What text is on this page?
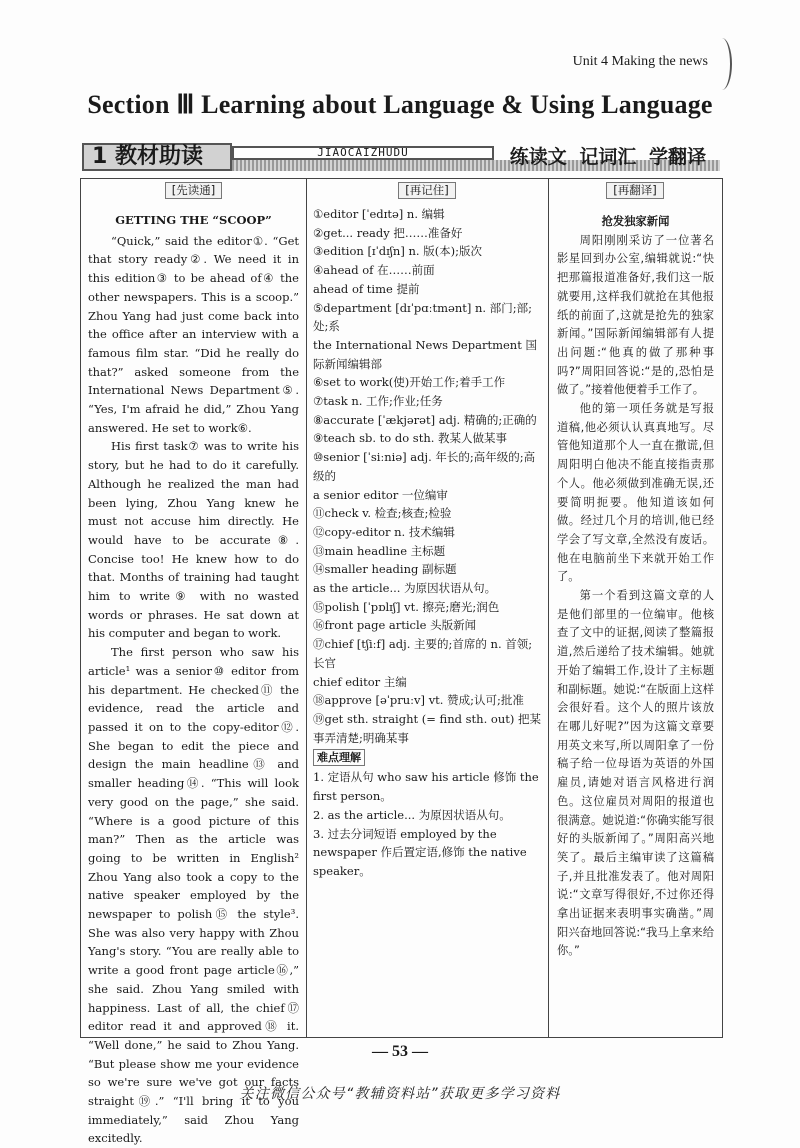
Unit 4 Making the news
Section Ⅲ Learning about Language & Using Language
1 教材助读	JIAOCAIZHUDU	练读文 记词汇 学翻译
[先读通]
GETTING THE “SCOOP”

“Quick,” said the editor①. “Get that story ready②. We need it in this edition③ to be ahead of④ the other newspapers. This is a scoop.” Zhou Yang had just come back into the office after an interview with a famous film star. “Did he really do that?” asked someone from the International News Department⑤. “Yes, I'm afraid he did,” Zhou Yang answered. He set to work⑥.

His first task⑦ was to write his story, but he had to do it carefully. Although he realized the man had been lying, Zhou Yang knew he must not accuse him directly. He would have to be accurate⑧. Concise too! He knew how to do that. Months of training had taught him to write⑨ with no wasted words or phrases. He sat down at his computer and began to work.

The first person who saw his article¹ was a senior⑩ editor from his department. He checked⑪ the evidence, read the article and passed it on to the copy-editor⑫. She began to edit the piece and design the main headline⑬ and smaller heading⑭. “This will look very good on the page,” she said. “Where is a good picture of this man?” Then as the article was going to be written in English² Zhou Yang also took a copy to the native speaker employed by the newspaper to polish⑮ the style³. She was also very happy with Zhou Yang's story. “You are really able to write a good front page article⑯,” she said. Zhou Yang smiled with happiness. Last of all, the chief⑰ editor read it and approved⑱ it. “Well done,” he said to Zhou Yang. “But please show me your evidence so we're sure we've got our facts straight⑲.” “I'll bring it to you immediately,” said Zhou Yang excitedly.

[再记住]

①editor [ˈedɪtə] n. 编辑

②get... ready 把……准备好

③edition [ɪˈdɪʃn] n. 版(本);版次

④ahead of 在……前面

ahead of time 提前

⑤department [dɪˈpɑːtmənt] n. 部门;部;处;系

the International News Department 国际新闻编辑部

⑥set to work(使)开始工作;着手工作

⑦task n. 工作;作业;任务

⑧accurate [ˈækjərət] adj. 精确的;正确的

⑨teach sb. to do sth. 教某人做某事

⑩senior [ˈsiːniə] adj. 年长的;高年级的;高级的

a senior editor 一位编审

⑪check v. 检查;核查;检验

⑫copy-editor n. 技术编辑

⑬main headline 主标题

⑭smaller heading 副标题

as the article... 为原因状语从句。

⑮polish [ˈpɒlɪʃ] vt. 擦亮;磨光;润色

⑯front page article 头版新闻

⑰chief [tʃiːf] adj. 主要的;首席的 n. 首领;长官

chief editor 主编

⑱approve [əˈpruːv] vt. 赞成;认可;批准

⑲get sth. straight (= find sth. out) 把某事弄清楚;明确某事

难点理解

1. 定语从句 who saw his article 修饰 the first person。

2. as the article... 为原因状语从句。

3. 过去分词短语 employed by the newspaper 作后置定语,修饰 the native speaker。

[再翻译]

抢发独家新闻

周阳刚刚采访了一位著名影星回到办公室,编辑就说:“快把那篇报道准备好,我们这一版就要用,这样我们就抢在其他报纸的前面了,这就是抢先的独家新闻。”国际新闻编辑部有人提出问题:“他真的做了那种事吗?”周阳回答说:“是的,恐怕是做了。”接着他便着手工作了。

他的第一项任务就是写报道稿,他必须认认真真地写。尽管他知道那个人一直在撒谎,但周阳明白他决不能直接指责那个人。他必须做到准确无误,还要简明扼要。他知道该如何做。经过几个月的培训,他已经学会了写文章,全然没有废话。他在电脑前坐下来就开始工作了。

第一个看到这篇文章的人是他们部里的一位编审。他核查了文中的证据,阅读了整篇报道,然后递给了技术编辑。她就开始了编辑工作,设计了主标题和副标题。她说:“在版面上这样会很好看。这个人的照片该放在哪儿好呢?”因为这篇文章要用英文来写,所以周阳拿了一份稿子给一位母语为英语的外国雇员,请她对语言风格进行润色。这位雇员对周阳的报道也很满意。她说道:“你确实能写很好的头版新闻了。”周阳高兴地笑了。最后主编审读了这篇稿子,并且批准发表了。他对周阳说:“文章写得很好,不过你还得拿出证据来表明事实确凿。”周阳兴奋地回答说:“我马上拿来给你。”

— 53 —
关注微信公众号“教辅资料站”获取更多学习资料
